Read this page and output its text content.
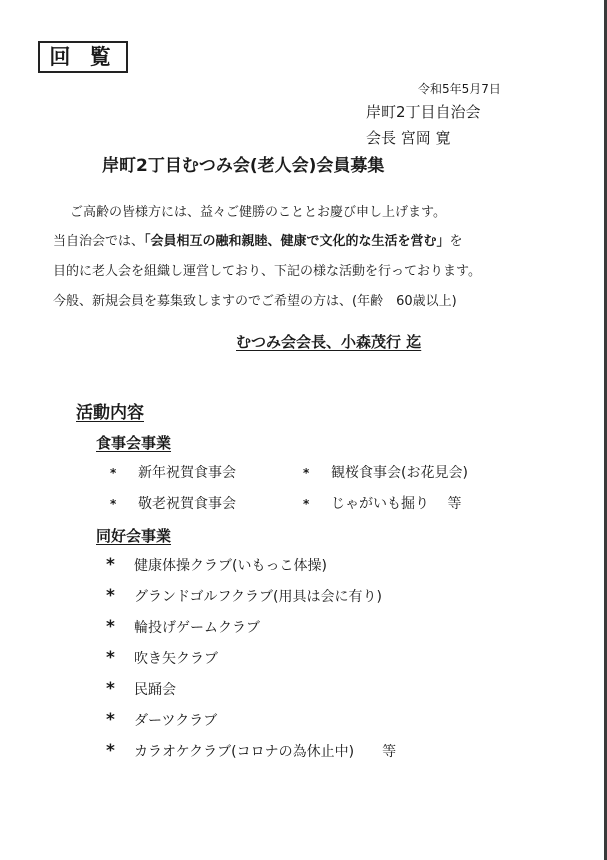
回 覧
令和5年5月7日
岸町2丁目自治会
会長 宮岡 寛
岸町2丁目むつみ会(老人会)会員募集
ご高齢の皆様方には、益々ご健勝のこととお慶び申し上げます。
当自治会では、「会員相互の融和親睦、健康で文化的な生活を営む」を
目的に老人会を組織し運営しており、下記の様な活動を行っております。
今般、新規会員を募集致しますのでご希望の方は、(年齢　60歳以上)
むつみ会会長、小森茂行 迄
活動内容
食事会事業
* 新年祝賀食事会	* 観桜食事会(お花見会)
* 敬老祝賀食事会	* じゃがいも掘り　 等
同好会事業
* 健康体操クラブ(いもっこ体操)
* グランドゴルフクラブ(用具は会に有り)
* 輪投げゲームクラブ
* 吹き矢クラブ
* 民踊会
* ダーツクラブ
* カラオケクラブ(コロナの為休止中)　　等
